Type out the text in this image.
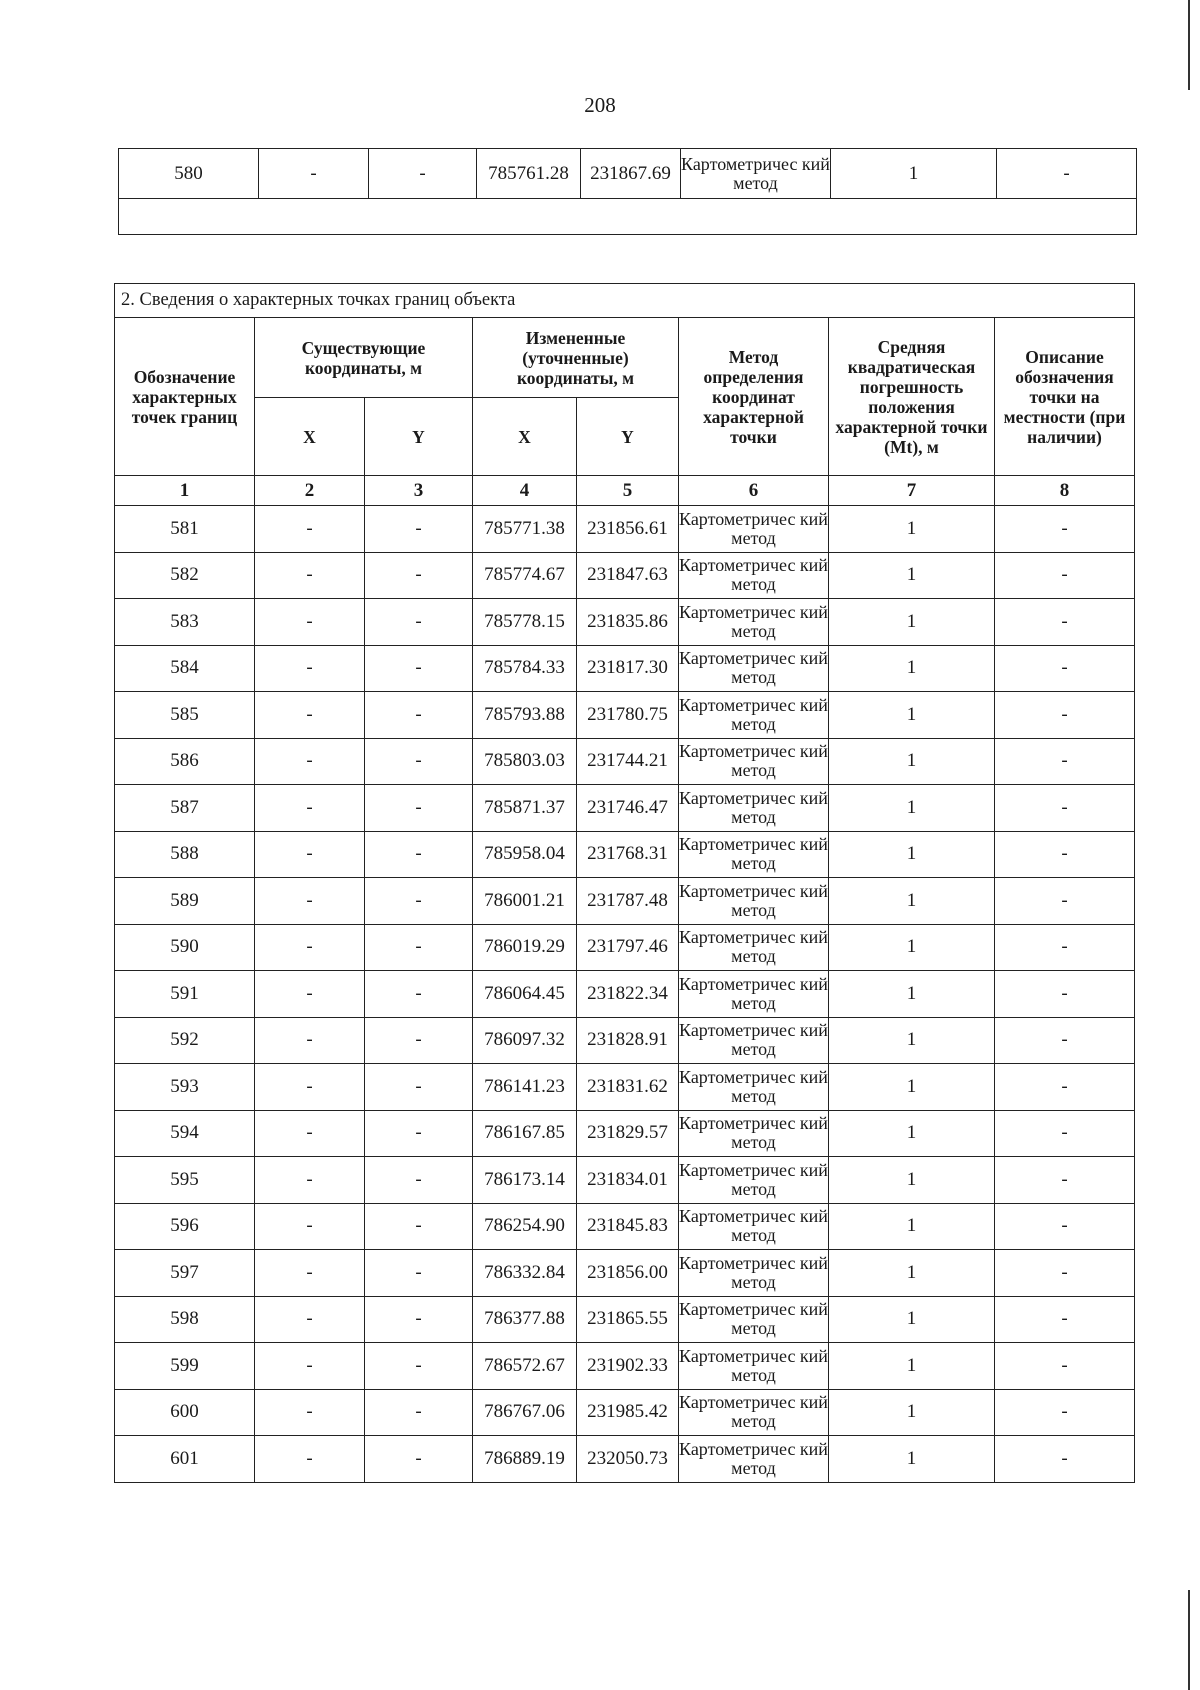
208
580	-	-	785761.28	231867.69	Картометричес кий метод	1	-

2. Сведения о характерных точках границ объекта							
Обозначение характерных точек границ	Существующие координаты, м		Измененные (уточненные) координаты, м		Метод определения координат характерной точки	Средняя квадратическая погрешность положения характерной точки (Mt), м	Описание обозначения точки на местности (при наличии)
	X	Y	X	Y			
1	2	3	4	5	6	7	8
581	-	-	785771.38	231856.61	Картометричес кий метод	1	-
582	-	-	785774.67	231847.63	Картометричес кий метод	1	-
583	-	-	785778.15	231835.86	Картометричес кий метод	1	-
584	-	-	785784.33	231817.30	Картометричес кий метод	1	-
585	-	-	785793.88	231780.75	Картометричес кий метод	1	-
586	-	-	785803.03	231744.21	Картометричес кий метод	1	-
587	-	-	785871.37	231746.47	Картометричес кий метод	1	-
588	-	-	785958.04	231768.31	Картометричес кий метод	1	-
589	-	-	786001.21	231787.48	Картометричес кий метод	1	-
590	-	-	786019.29	231797.46	Картометричес кий метод	1	-
591	-	-	786064.45	231822.34	Картометричес кий метод	1	-
592	-	-	786097.32	231828.91	Картометричес кий метод	1	-
593	-	-	786141.23	231831.62	Картометричес кий метод	1	-
594	-	-	786167.85	231829.57	Картометричес кий метод	1	-
595	-	-	786173.14	231834.01	Картометричес кий метод	1	-
596	-	-	786254.90	231845.83	Картометричес кий метод	1	-
597	-	-	786332.84	231856.00	Картометричес кий метод	1	-
598	-	-	786377.88	231865.55	Картометричес кий метод	1	-
599	-	-	786572.67	231902.33	Картометричес кий метод	1	-
600	-	-	786767.06	231985.42	Картометричес кий метод	1	-
601	-	-	786889.19	232050.73	Картометричес кий метод	1	-
